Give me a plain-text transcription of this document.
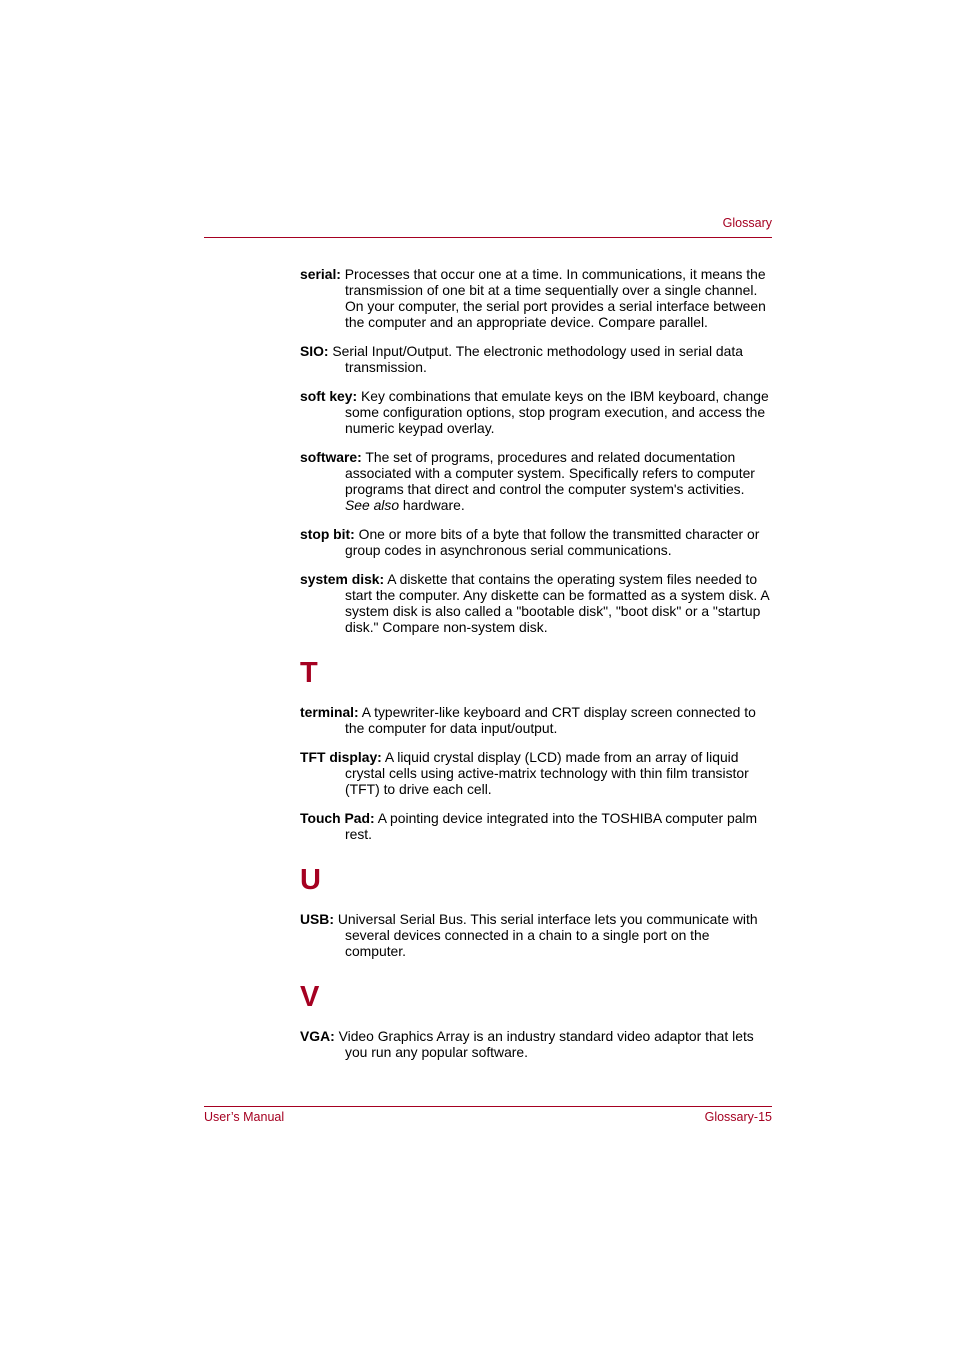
Glossary

serial: Processes that occur one at a time. In communications, it means the transmission of one bit at a time sequentially over a single channel. On your computer, the serial port provides a serial interface between the computer and an appropriate device. Compare parallel.

SIO: Serial Input/Output. The electronic methodology used in serial data transmission.

soft key: Key combinations that emulate keys on the IBM keyboard, change some configuration options, stop program execution, and access the numeric keypad overlay.

software: The set of programs, procedures and related documentation associated with a computer system. Specifically refers to computer programs that direct and control the computer system's activities. See also hardware.

stop bit: One or more bits of a byte that follow the transmitted character or group codes in asynchronous serial communications.

system disk: A diskette that contains the operating system files needed to start the computer. Any diskette can be formatted as a system disk. A system disk is also called a "bootable disk", "boot disk" or a "startup disk." Compare non-system disk.

T

terminal: A typewriter-like keyboard and CRT display screen connected to the computer for data input/output.

TFT display: A liquid crystal display (LCD) made from an array of liquid crystal cells using active-matrix technology with thin film transistor (TFT) to drive each cell.

Touch Pad: A pointing device integrated into the TOSHIBA computer palm rest.

U

USB: Universal Serial Bus. This serial interface lets you communicate with several devices connected in a chain to a single port on the computer.

V

VGA: Video Graphics Array is an industry standard video adaptor that lets you run any popular software.

User’s Manual	Glossary-15
